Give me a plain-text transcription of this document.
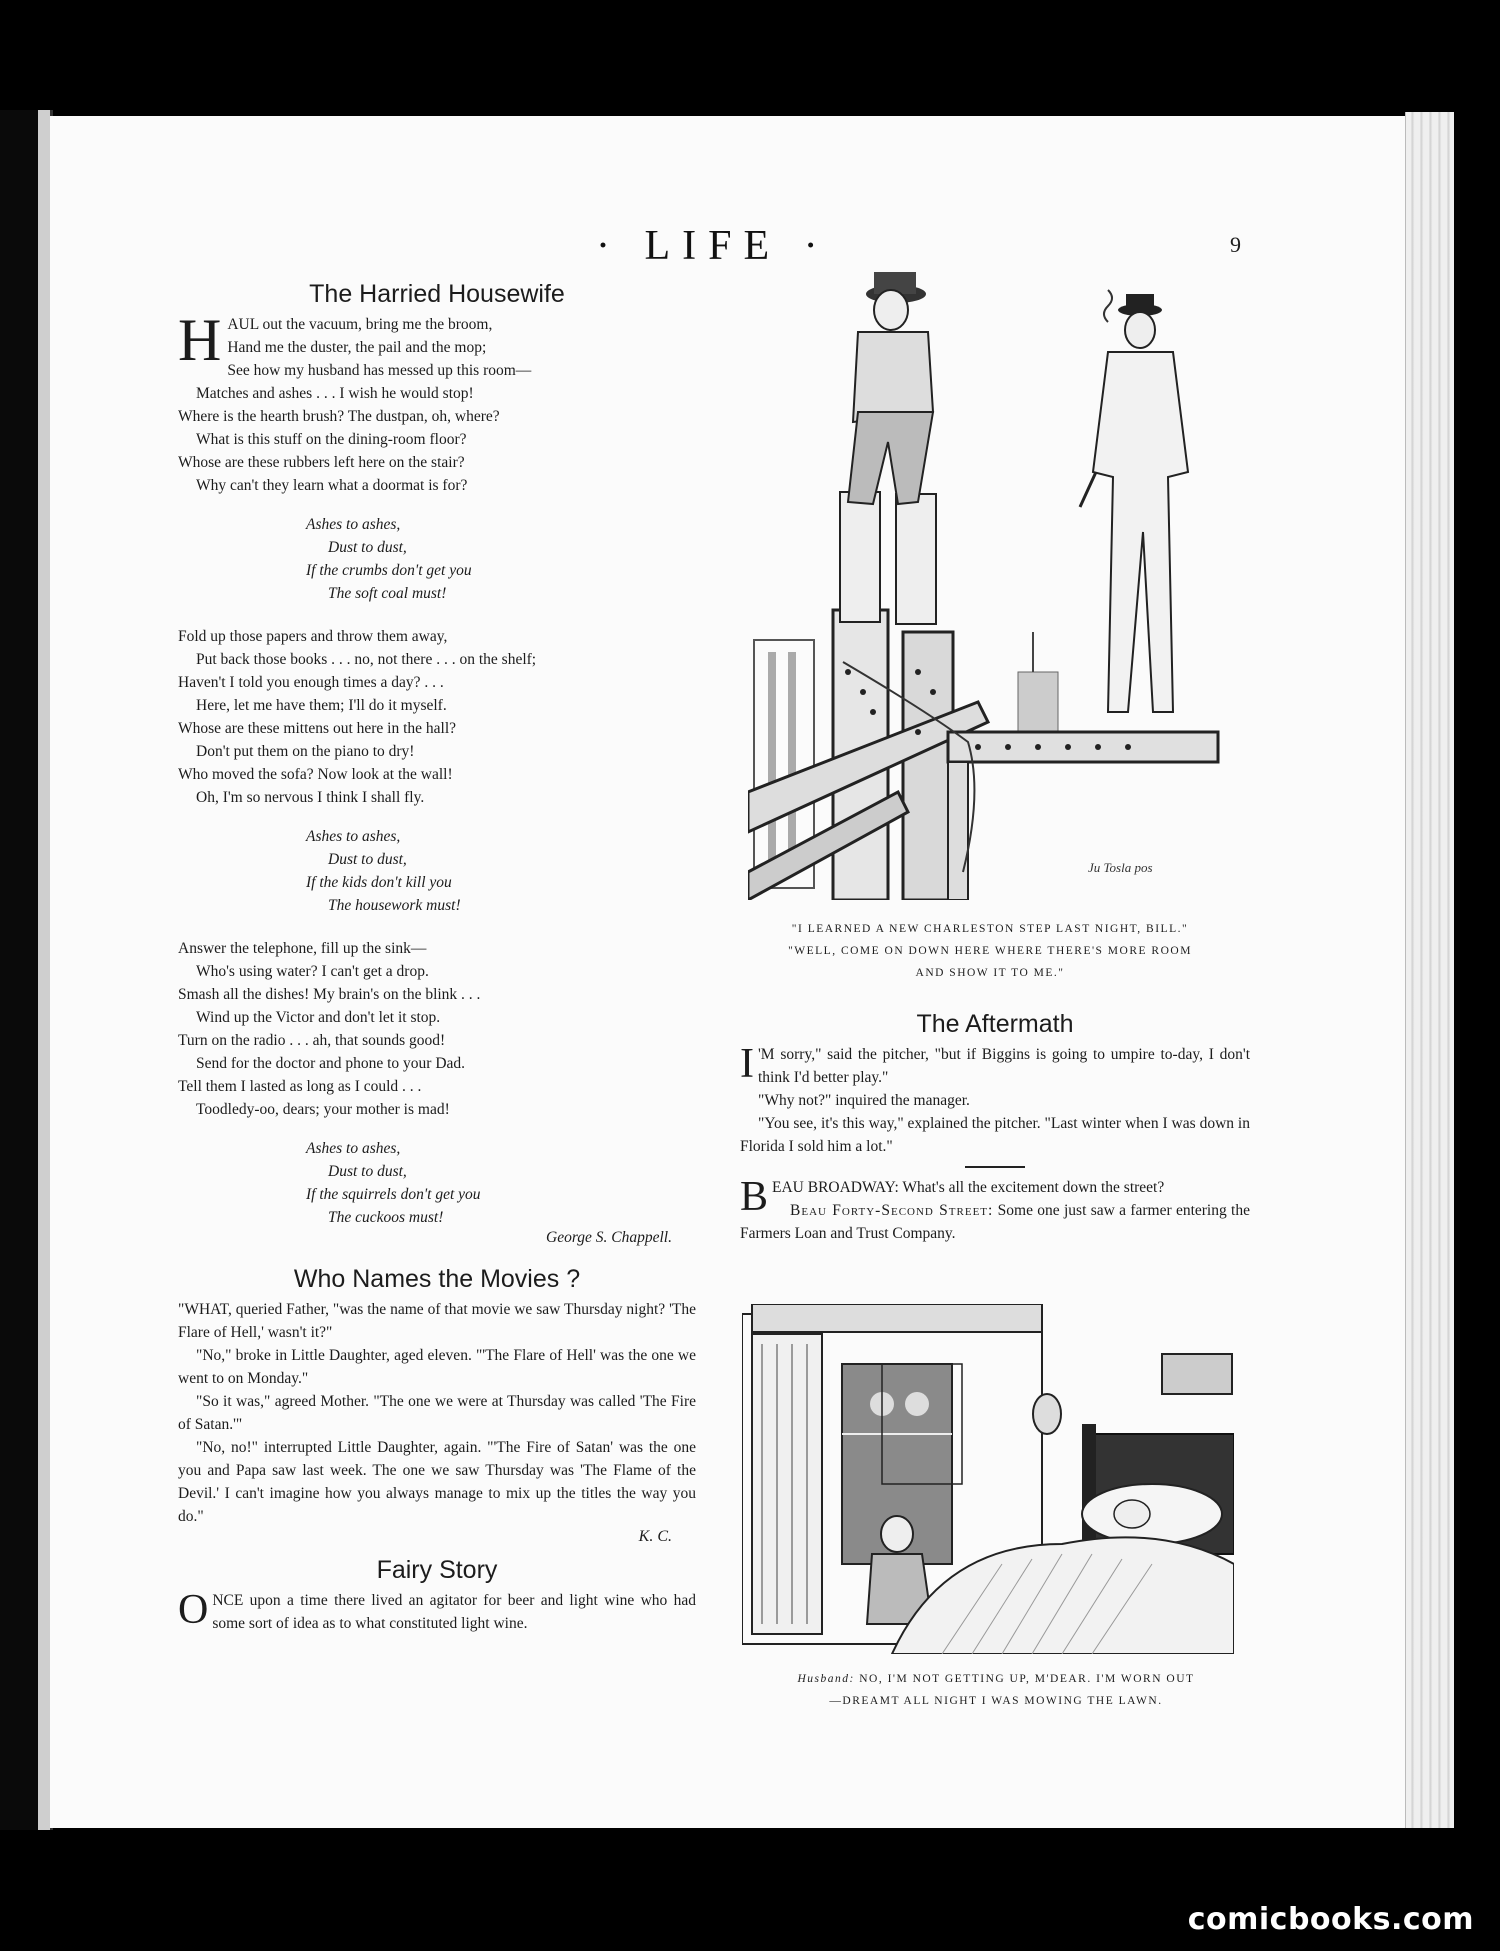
· LIFE ·	9
The Harried Housewife
H AUL out the vacuum, bring me the broom,
Hand me the duster, the pail and the mop;
See how my husband has messed up this room—
Matches and ashes . . . I wish he would stop!
Where is the hearth brush? The dustpan, oh, where?
What is this stuff on the dining-room floor?
Whose are these rubbers left here on the stair?
Why can't they learn what a doormat is for?
Ashes to ashes,
Dust to dust,
If the crumbs don't get you
The soft coal must!
Fold up those papers and throw them away,
Put back those books . . . no, not there . . . on the shelf;
Haven't I told you enough times a day? . . .
Here, let me have them; I'll do it myself.
Whose are these mittens out here in the hall?
Don't put them on the piano to dry!
Who moved the sofa? Now look at the wall!
Oh, I'm so nervous I think I shall fly.
Ashes to ashes,
Dust to dust,
If the kids don't kill you
The housework must!
Answer the telephone, fill up the sink—
Who's using water? I can't get a drop.
Smash all the dishes! My brain's on the blink . . .
Wind up the Victor and don't let it stop.
Turn on the radio . . . ah, that sounds good!
Send for the doctor and phone to your Dad.
Tell them I lasted as long as I could . . .
Toodledy-oo, dears; your mother is mad!
Ashes to ashes,
Dust to dust,
If the squirrels don't get you
The cuckoos must!
George S. Chappell.
Who Names the Movies ?

"WHAT, queried Father, "was the name of that movie we saw Thursday night? 'The Flare of Hell,' wasn't it?"

"No," broke in Little Daughter, aged eleven. "'The Flare of Hell' was the one we went to on Monday."

"So it was," agreed Mother. "The one we were at Thursday was called 'The Fire of Satan.'"

"No, no!" interrupted Little Daughter, again. "'The Fire of Satan' was the one you and Papa saw last week. The one we saw Thursday was 'The Flame of the Devil.' I can't imagine how you always manage to mix up the titles the way you do."

K. C.
Fairy Story
O NCE upon a time there lived an agitator for beer and light wine who had some sort of idea as to what constituted light wine.

Ju Tosla pos
"I LEARNED A NEW CHARLESTON STEP LAST NIGHT, BILL."
"WELL, COME ON DOWN HERE WHERE THERE'S MORE ROOM
AND SHOW IT TO ME."
The Aftermath
I 'M sorry," said the pitcher, "but if Biggins is going to umpire to-day, I don't think I'd better play."

"Why not?" inquired the manager.

"You see, it's this way," explained the pitcher. "Last winter when I was down in Florida I sold him a lot."

B EAU BROADWAY: What's all the excitement down the street?

Beau Forty-Second Street: Some one just saw a farmer entering the Farmers Loan and Trust Company.

Husband: NO, I'M NOT GETTING UP, M'DEAR. I'M WORN OUT
—DREAMT ALL NIGHT I WAS MOWING THE LAWN.
comicbooks.com
